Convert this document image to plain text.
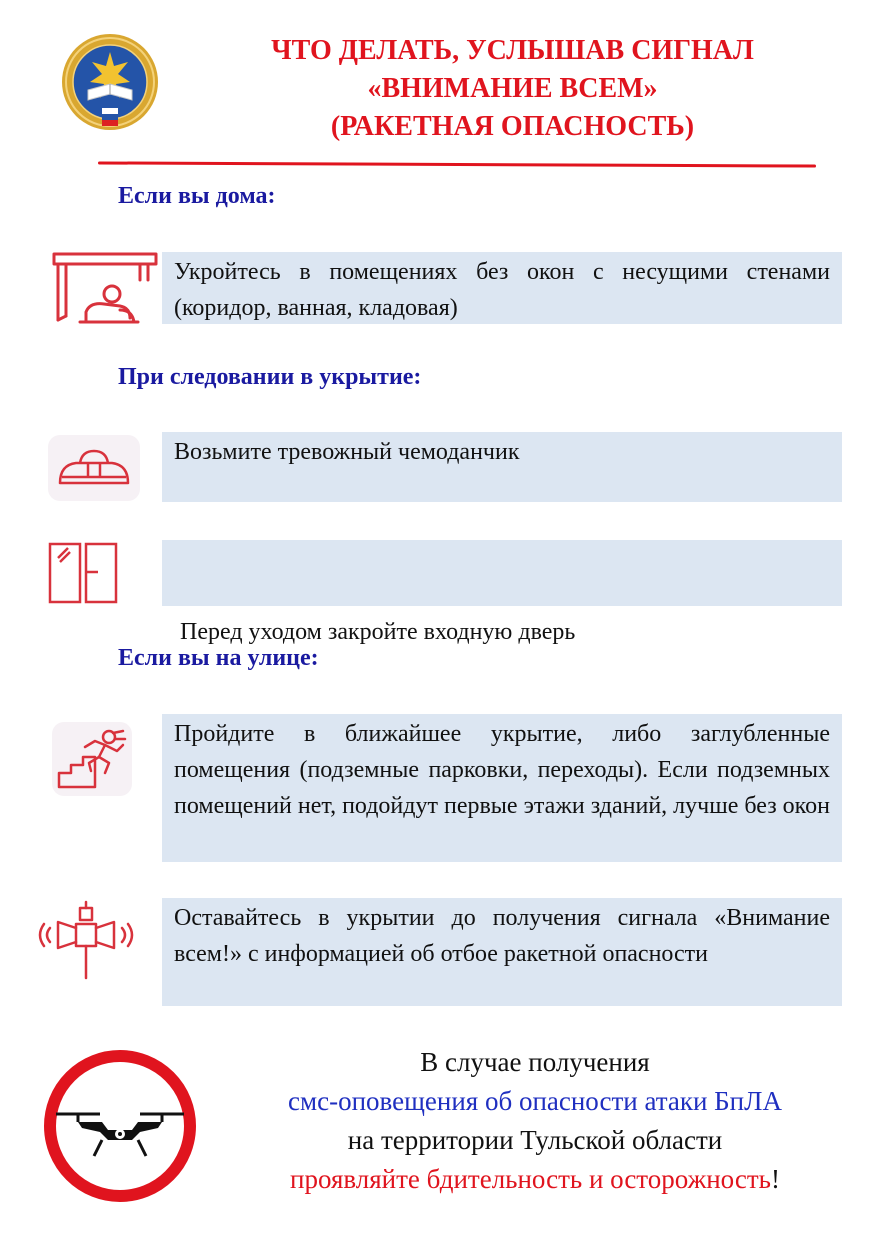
ЧТО ДЕЛАТЬ, УСЛЫШАВ СИГНАЛ
«ВНИМАНИЕ ВСЕМ»
(РАКЕТНАЯ ОПАСНОСТЬ)
Если вы дома:
Укройтесь в помещениях без окон с несущими стенами (коридор, ванная, кладовая)
При следовании в укрытие:
Возьмите тревожный чемоданчик

Перед уходом закройте входную дверь

Если вы на улице:
Пройдите в ближайшее укрытие, либо заглубленные помещения (подземные парковки, переходы). Если подземных помещений нет, подойдут первые этажи зданий, лучше без окон
Оставайтесь в укрытии до получения сигнала «Внимание всем!» с информацией об отбое ракетной опасности
В случае получения
смс-оповещения об опасности атаки БпЛА
на территории Тульской области
проявляйте бдительность и осторожность!
